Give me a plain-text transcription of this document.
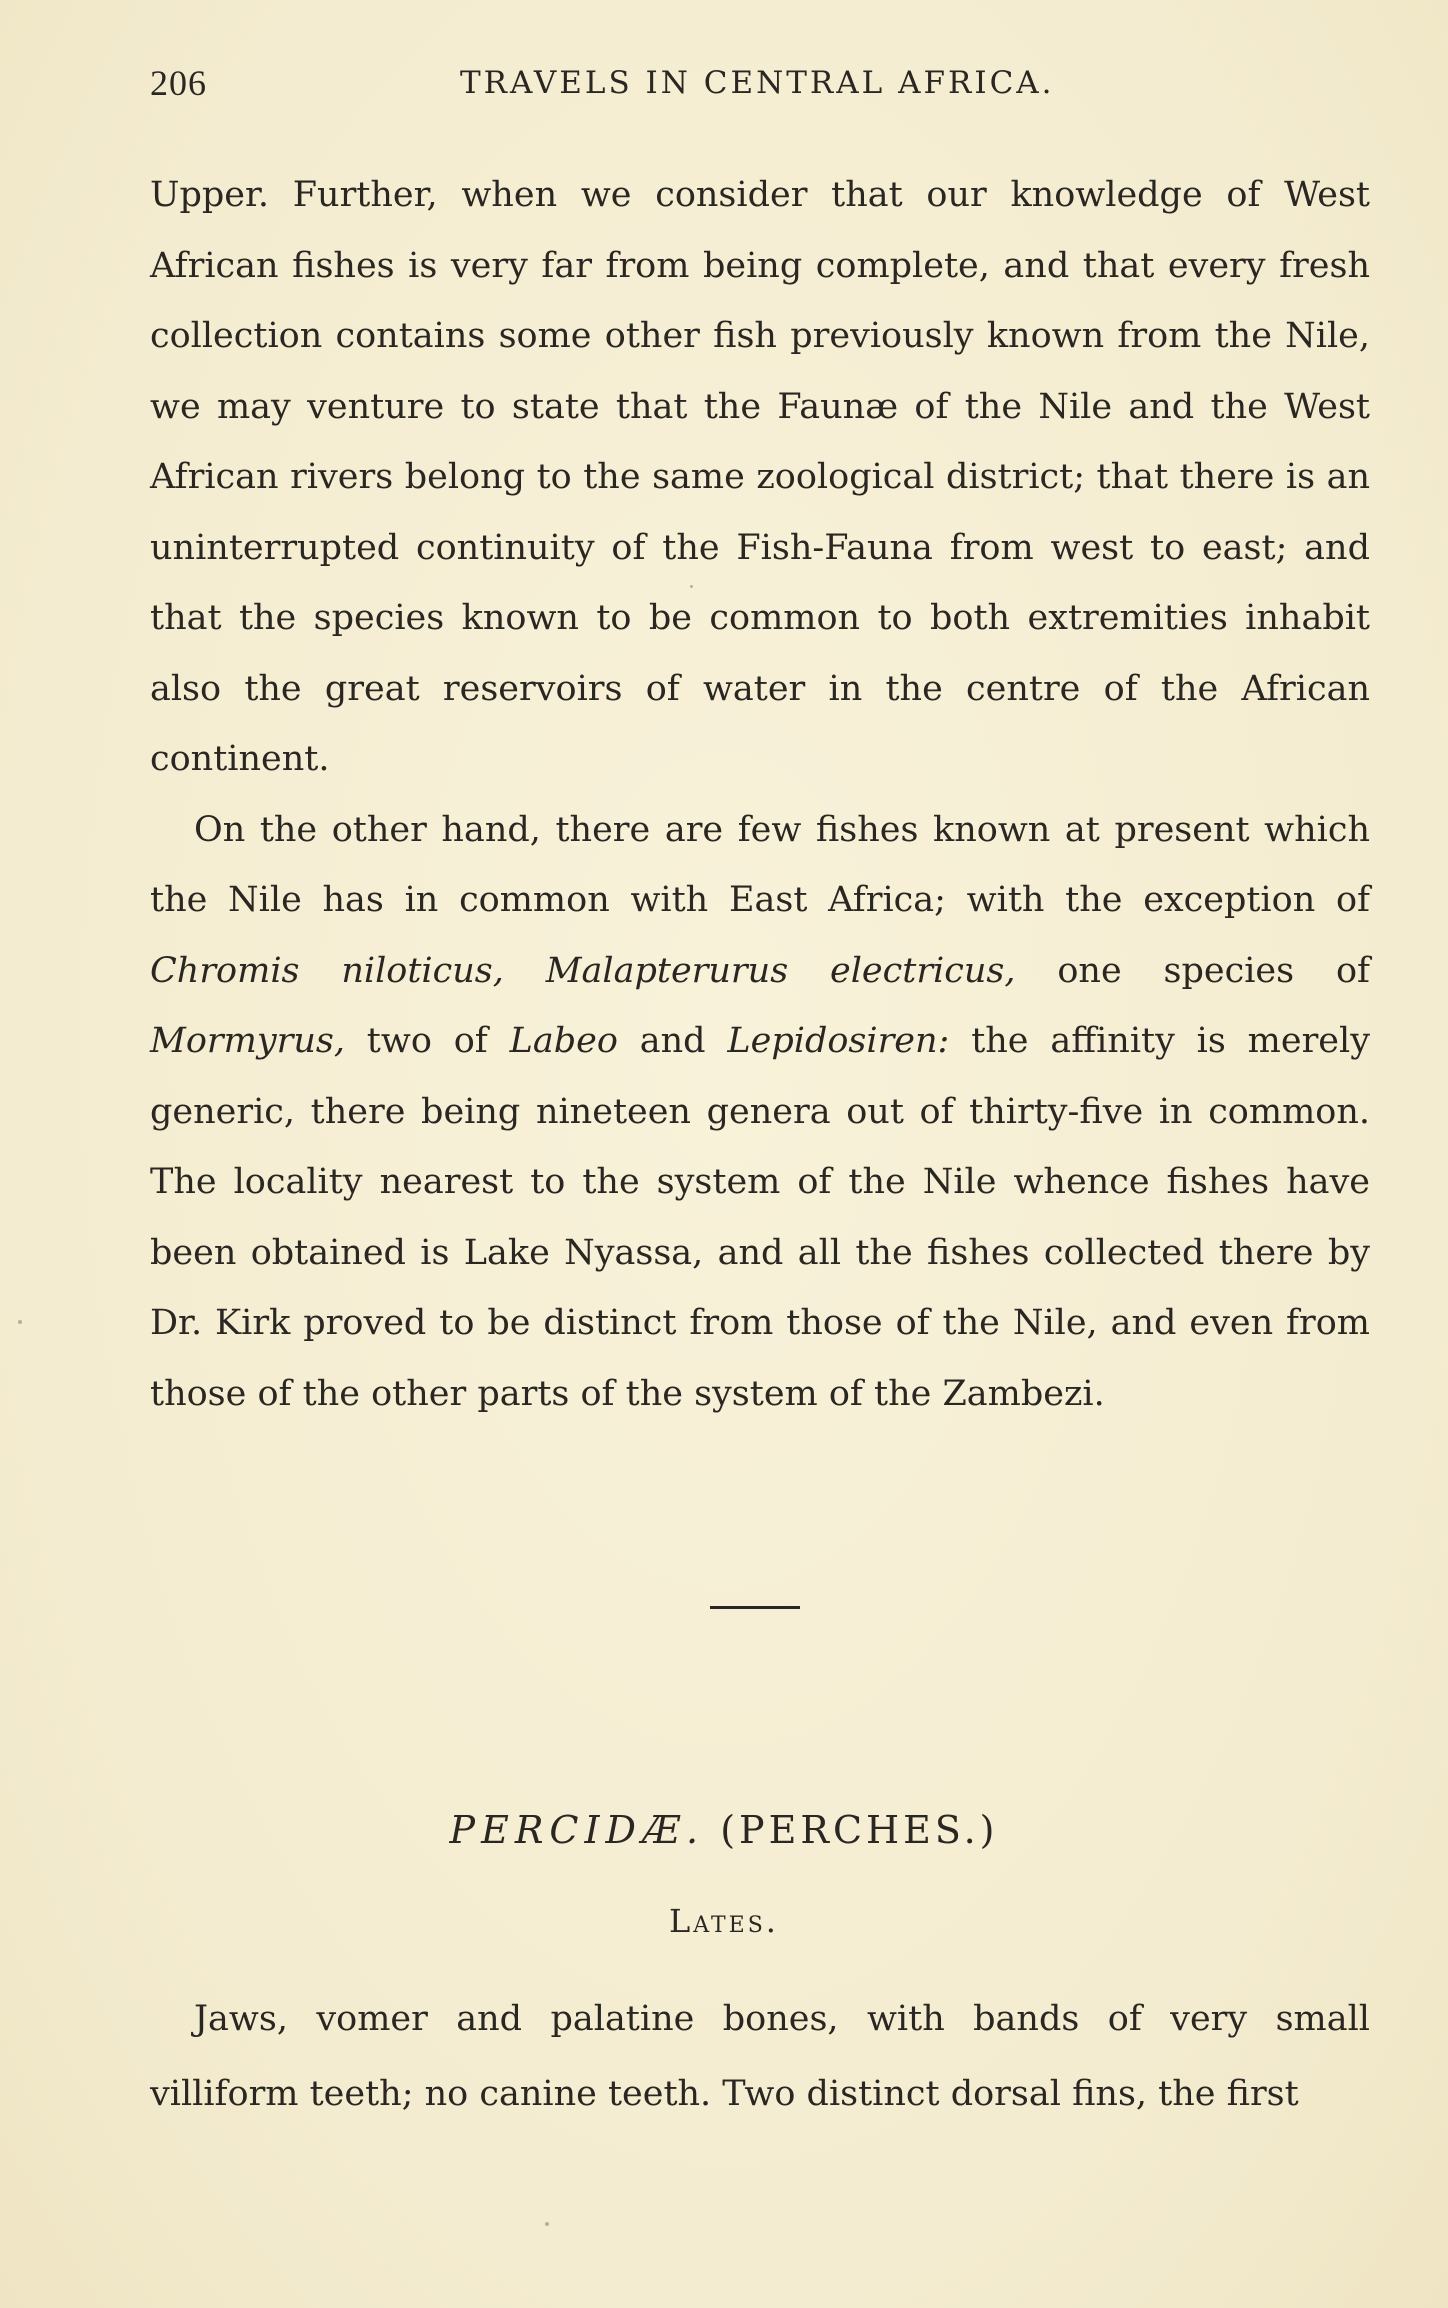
206	TRAVELS IN CENTRAL AFRICA.

Upper. Further, when we consider that our knowledge of West African fishes is very far from being complete, and that every fresh collection contains some other fish previously known from the Nile, we may venture to state that the Faunæ of the Nile and the West African rivers belong to the same zoological district; that there is an uninterrupted continuity of the Fish-Fauna from west to east; and that the species known to be common to both extremities inhabit also the great reservoirs of water in the centre of the African continent.

On the other hand, there are few fishes known at present which the Nile has in common with East Africa; with the exception of Chromis niloticus, Malapterurus electricus, one species of Mormyrus, two of Labeo and Lepidosiren: the affinity is merely generic, there being nineteen genera out of thirty-five in common. The locality nearest to the system of the Nile whence fishes have been obtained is Lake Nyassa, and all the fishes collected there by Dr. Kirk proved to be distinct from those of the Nile, and even from those of the other parts of the system of the Zambezi.

PERCIDÆ. (PERCHES.)
Lates.

Jaws, vomer and palatine bones, with bands of very small villiform teeth; no canine teeth. Two distinct dorsal fins, the first
